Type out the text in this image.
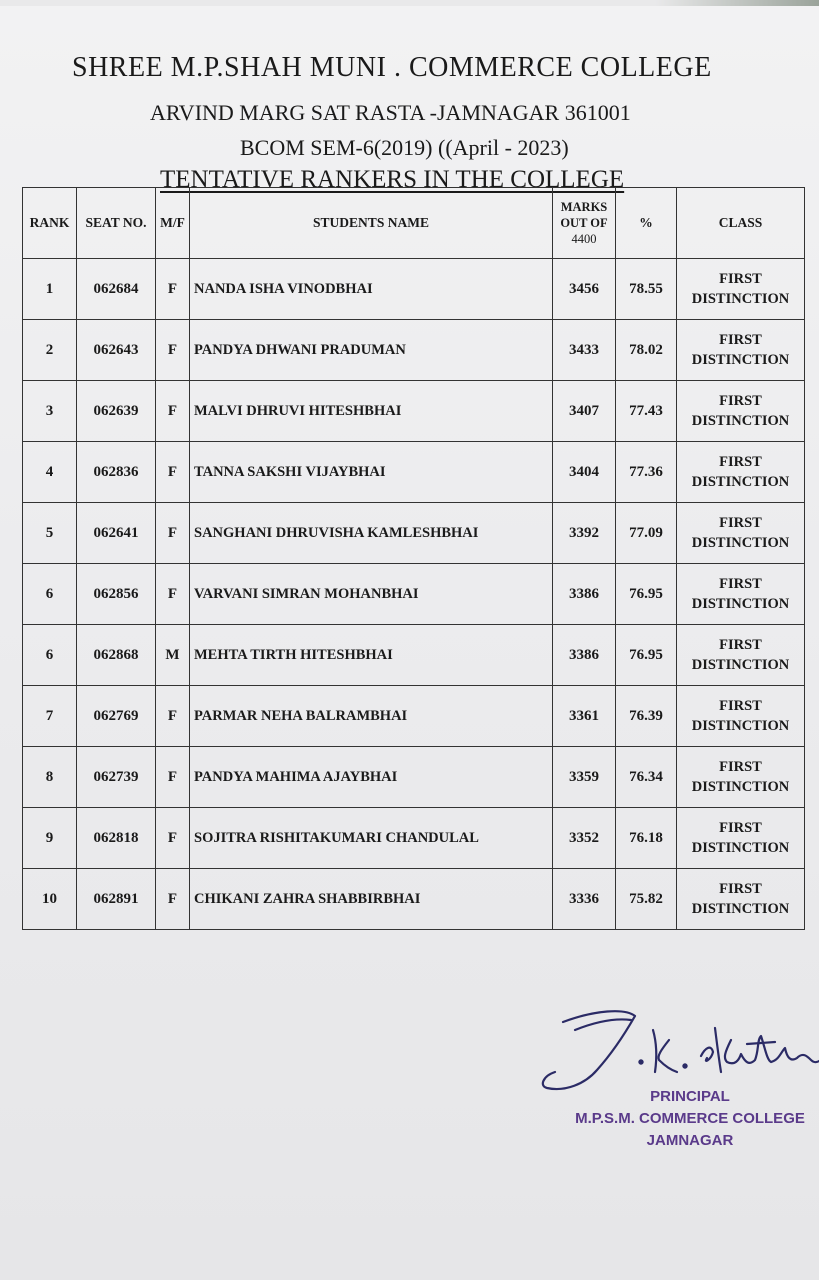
SHREE M.P.SHAH MUNI . COMMERCE COLLEGE
ARVIND MARG SAT RASTA -JAMNAGAR 361001
BCOM SEM-6(2019) ((April - 2023)
TENTATIVE RANKERS IN THE COLLEGE
RANK	SEAT NO.	M/F	STUDENTS NAME	MARKS
OUT OF
4400	%	CLASS
1	062684	F	NANDA ISHA VINODBHAI	3456	78.55	FIRST
DISTINCTION

2	062643	F	PANDYA DHWANI PRADUMAN	3433	78.02	FIRST
DISTINCTION

3	062639	F	MALVI DHRUVI HITESHBHAI	3407	77.43	FIRST
DISTINCTION

4	062836	F	TANNA SAKSHI VIJAYBHAI	3404	77.36	FIRST
DISTINCTION

5	062641	F	SANGHANI DHRUVISHA KAMLESHBHAI	3392	77.09	FIRST
DISTINCTION

6	062856	F	VARVANI SIMRAN MOHANBHAI	3386	76.95	FIRST
DISTINCTION

6	062868	M	MEHTA TIRTH HITESHBHAI	3386	76.95	FIRST
DISTINCTION

7	062769	F	PARMAR NEHA BALRAMBHAI	3361	76.39	FIRST
DISTINCTION

8	062739	F	PANDYA MAHIMA AJAYBHAI	3359	76.34	FIRST
DISTINCTION

9	062818	F	SOJITRA RISHITAKUMARI CHANDULAL	3352	76.18	FIRST
DISTINCTION

10	062891	F	CHIKANI ZAHRA SHABBIRBHAI	3336	75.82	FIRST
DISTINCTION
PRINCIPAL
M.P.S.M. COMMERCE COLLEGE
JAMNAGAR
